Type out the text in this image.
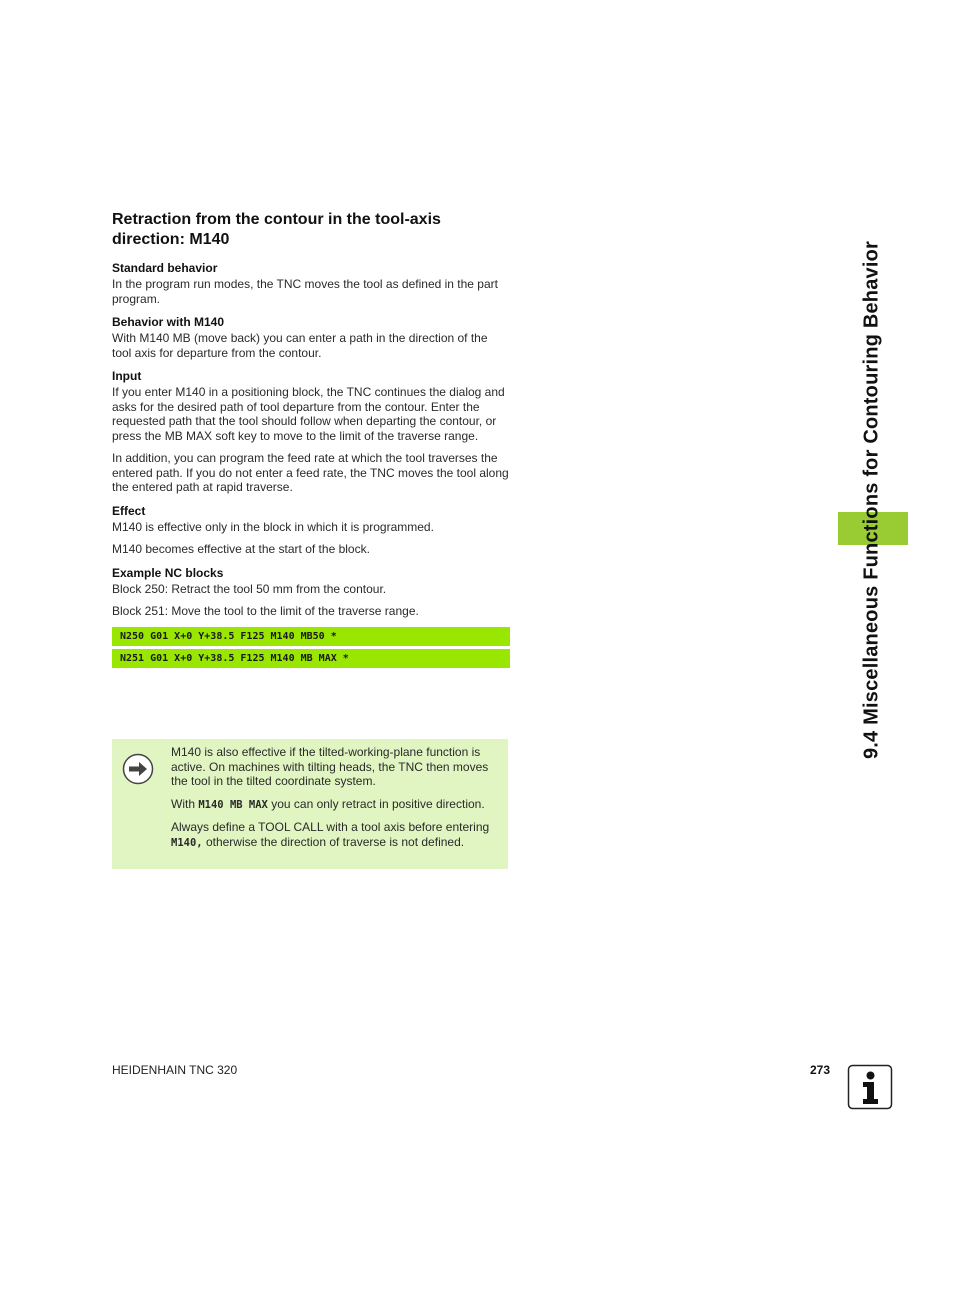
Retraction from the contour in the tool-axis direction: M140
Standard behavior

In the program run modes, the TNC moves the tool as defined in the part program.

Behavior with M140

With M140 MB (move back) you can enter a path in the direction of the tool axis for departure from the contour.

Input

If you enter M140 in a positioning block, the TNC continues the dialog and asks for the desired path of tool departure from the contour. Enter the requested path that the tool should follow when departing the contour, or press the MB MAX soft key to move to the limit of the traverse range.

In addition, you can program the feed rate at which the tool traverses the entered path. If you do not enter a feed rate, the TNC moves the tool along the entered path at rapid traverse.

Effect

M140 is effective only in the block in which it is programmed.

M140 becomes effective at the start of the block.

Example NC blocks

Block 250: Retract the tool 50 mm from the contour.

Block 251: Move the tool to the limit of the traverse range.

N250 G01 X+0 Y+38.5 F125 M140 MB50 *
N251 G01 X+0 Y+38.5 F125 M140 MB MAX *

M140 is also effective if the tilted-working-plane function is active. On machines with tilting heads, the TNC then moves the tool in the tilted coordinate system.

With M140 MB MAX you can only retract in positive direction.

Always define a TOOL CALL with a tool axis before entering M140, otherwise the direction of traverse is not defined.

9.4 Miscellaneous Functions for Contouring Behavior
HEIDENHAIN TNC 320	273
